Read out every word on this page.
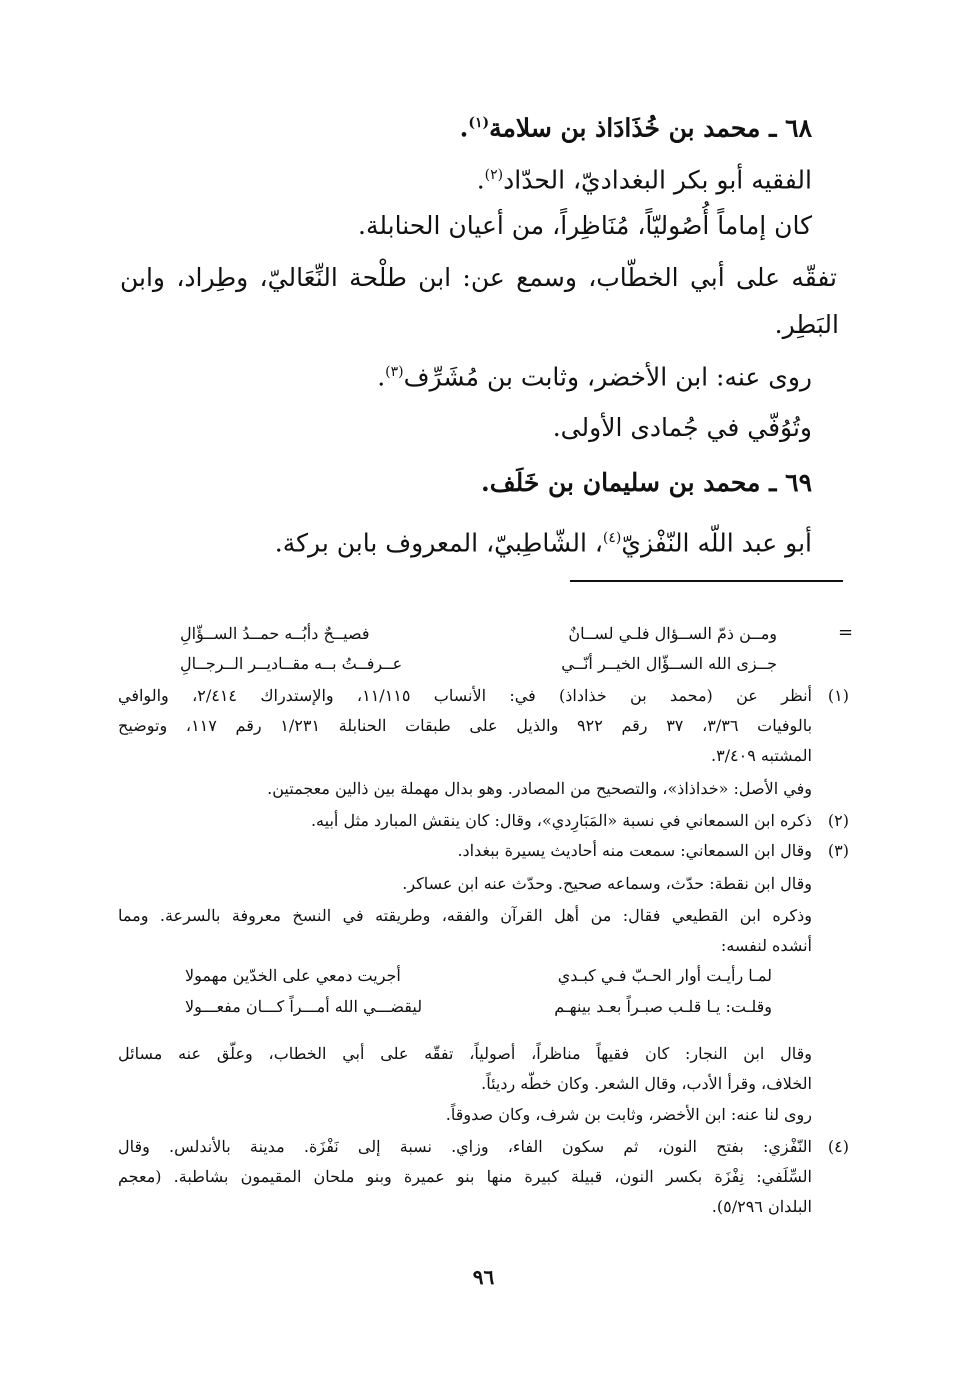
٦٨ ـ محمد بن خُذَادَاذ بن سلامة$^{(١)}$.
الفقيه أبو بكر البغداديّ، الحدّاد$^{(٢)}$.
كان إماماً أُصُوليّاً، مُنَاظِراً، من أعيان الحنابلة.
تفقّه على أبي الخطّاب، وسمع عن: ابن طلْحة النِّعَاليّ، وطِراد، وابن
البَطِر.
روى عنه: ابن الأخضر، وثابت بن مُشَرِّف$^{(٣)}$.
وتُوُفّي في جُمادى الأولى.
٦٩ ـ محمد بن سليمان بن خَلَف.
أبو عبد اللّه النّفْزيّ$^{(٤)}$، الشّاطِبيّ، المعروف بابن بركة.
=
ومــن ذمّ الســؤال فلـي لســانٌ
فصيــحٌ دأبُــه حمــدُ الســؤّالِ
جــزى الله الســؤّال الخيــر أنّــي
عــرفــتُ بــه مقــاديــر الــرجــالِ
(١)
أنظر عن (محمد بن خذاداذ) في: الأنساب ١١/١١٥، والإستدراك ٢/٤١٤، والوافي
بالوفيات ٣/٣٦، ٣٧ رقم ٩٢٢ والذيل على طبقات الحنابلة ١/٢٣١ رقم ١١٧، وتوضيح
المشتبه ٣/٤٠٩.
وفي الأصل: «خداذاذ»، والتصحيح من المصادر. وهو بدال مهملة بين ذالين معجمتين.
(٢)
ذكره ابن السمعاني في نسبة «المَبَارِدي»، وقال: كان ينقش المبارد مثل أبيه.
(٣)
وقال ابن السمعاني: سمعت منه أحاديث يسيرة ببغداد.
وقال ابن نقطة: حدّث، وسماعه صحيح. وحدّث عنه ابن عساكر.
وذكره ابن القطيعي فقال: من أهل القرآن والفقه، وطريقته في النسخ معروفة بالسرعة. ومما
أنشده لنفسه:
لمـا رأيـت أوار الحـبّ فـي كبـدي
أجريت دمعي على الخدّين مهمولا
وقلـت: يـا قلـب صبـراً بعـد بينهـم
ليقضـــي الله أمـــراً كـــان مفعـــولا
وقال ابن النجار: كان فقيهاً مناظراً، أصولياً، تفقّه على أبي الخطاب، وعلّق عنه مسائل
الخلاف، وقرأ الأدب، وقال الشعر. وكان خطّه رديئاً.
روى لنا عنه: ابن الأخضر، وثابت بن شرف، وكان صدوقاً.
(٤)
النّفْزي: بفتح النون، ثم سكون الفاء، وزاي. نسبة إلى نَفْزَة. مدينة بالأندلس. وقال
السِّلَفي: نِفْزَة بكسر النون، قبيلة كبيرة منها بنو عميرة وبنو ملحان المقيمون بشاطبة. (معجم
البلدان ٥/٢٩٦).
٩٦
